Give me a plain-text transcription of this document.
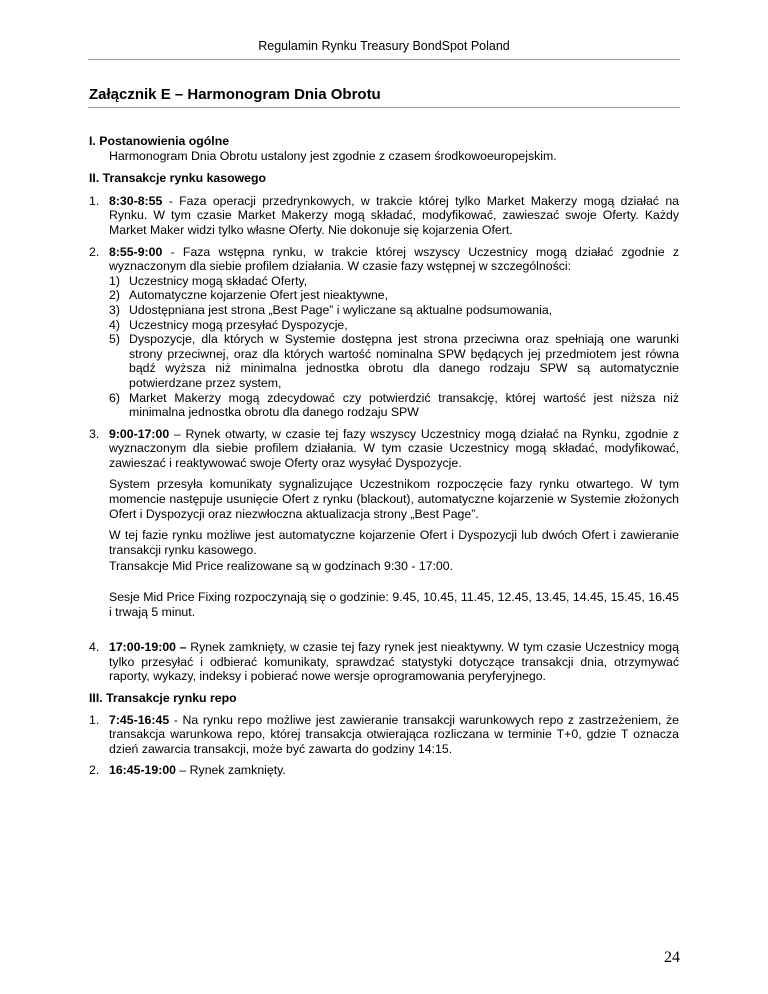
Regulamin Rynku Treasury BondSpot Poland
Załącznik E – Harmonogram Dnia Obrotu

I. Postanowienia ogólne

Harmonogram Dnia Obrotu ustalony jest zgodnie z czasem środkowoeuropejskim.

II. Transakcje rynku kasowego

1. 8:30-8:55 - Faza operacji przedrynkowych, w trakcie której tylko Market Makerzy mogą działać na Rynku. W tym czasie Market Makerzy mogą składać, modyfikować, zawieszać swoje Oferty. Każdy Market Maker widzi tylko własne Oferty. Nie dokonuje się kojarzenia Ofert.
2. 8:55-9:00 - Faza wstępna rynku, w trakcie której wszyscy Uczestnicy mogą działać zgodnie z wyznaczonym dla siebie profilem działania. W czasie fazy wstępnej w szczególności:
1) Uczestnicy mogą składać Oferty,
2) Automatyczne kojarzenie Ofert jest nieaktywne,
3) Udostępniana jest strona „Best Page” i wyliczane są aktualne podsumowania,
4) Uczestnicy mogą przesyłać Dyspozycje,
5) Dyspozycje, dla których w Systemie dostępna jest strona przeciwna oraz spełniają one warunki strony przeciwnej, oraz dla których wartość nominalna SPW będących jej przedmiotem jest równa bądź wyższa niż minimalna jednostka obrotu dla danego rodzaju SPW są automatycznie potwierdzane przez system,
6) Market Makerzy mogą zdecydować czy potwierdzić transakcję, której wartość jest niższa niż minimalna jednostka obrotu dla danego rodzaju SPW
3. 9:00-17:00 – Rynek otwarty, w czasie tej fazy wszyscy Uczestnicy mogą działać na Rynku, zgodnie z wyznaczonym dla siebie profilem działania. W tym czasie Uczestnicy mogą składać, modyfikować, zawieszać i reaktywować swoje Oferty oraz wysyłać Dyspozycje.

System przesyła komunikaty sygnalizujące Uczestnikom rozpoczęcie fazy rynku otwartego. W tym momencie następuje usunięcie Ofert z rynku (blackout), automatyczne kojarzenie w Systemie złożonych Ofert i Dyspozycji oraz niezwłoczna aktualizacja strony „Best Page”.

W tej fazie rynku możliwe jest automatyczne kojarzenie Ofert i Dyspozycji lub dwóch Ofert i zawieranie transakcji rynku kasowego.

Transakcje Mid Price realizowane są w godzinach 9:30 - 17:00.

Sesje Mid Price Fixing rozpoczynają się o godzinie: 9.45, 10.45, 11.45, 12.45, 13.45, 14.45, 15.45, 16.45 i trwają 5 minut.

4. 17:00-19:00 – Rynek zamknięty, w czasie tej fazy rynek jest nieaktywny. W tym czasie Uczestnicy mogą tylko przesyłać i odbierać komunikaty, sprawdzać statystyki dotyczące transakcji dnia, otrzymywać raporty, wykazy, indeksy i pobierać nowe wersje oprogramowania peryferyjnego.

III. Transakcje rynku repo

1. 7:45-16:45 - Na rynku repo możliwe jest zawieranie transakcji warunkowych repo z zastrzeżeniem, że transakcja warunkowa repo, której transakcja otwierająca rozliczana w terminie T+0, gdzie T oznacza dzień zawarcia transakcji, może być zawarta do godziny 14:15.
2. 16:45-19:00 – Rynek zamknięty.
24
